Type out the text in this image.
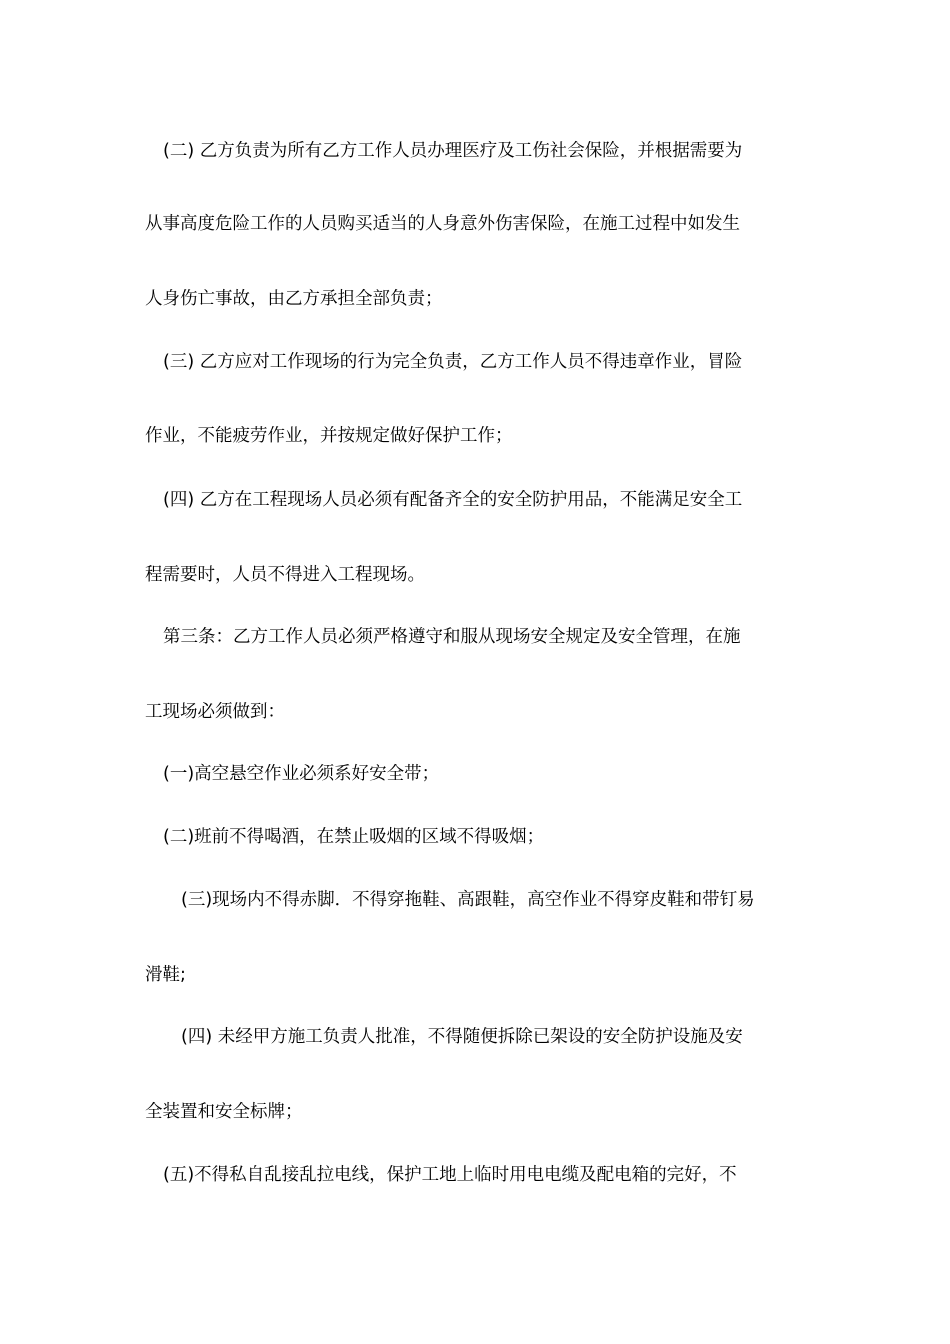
(二) 乙方负责为所有乙方工作人员办理医疗及工伤社会保险，并根据需要为
从事高度危险工作的人员购买适当的人身意外伤害保险，在施工过程中如发生
人身伤亡事故，由乙方承担全部负责；
(三) 乙方应对工作现场的行为完全负责，乙方工作人员不得违章作业，冒险
作业，不能疲劳作业，并按规定做好保护工作；
(四) 乙方在工程现场人员必须有配备齐全的安全防护用品，不能满足安全工
程需要时，人员不得进入工程现场。
第三条：乙方工作人员必须严格遵守和服从现场安全规定及安全管理，在施
工现场必须做到：
(一)高空悬空作业必须系好安全带；
(二)班前不得喝酒，在禁止吸烟的区域不得吸烟；
(三)现场内不得赤脚．不得穿拖鞋、高跟鞋，高空作业不得穿皮鞋和带钉易
滑鞋;
(四) 未经甲方施工负责人批准，不得随便拆除已架设的安全防护设施及安
全装置和安全标牌；
(五)不得私自乱接乱拉电线，保护工地上临时用电电缆及配电箱的完好，不
